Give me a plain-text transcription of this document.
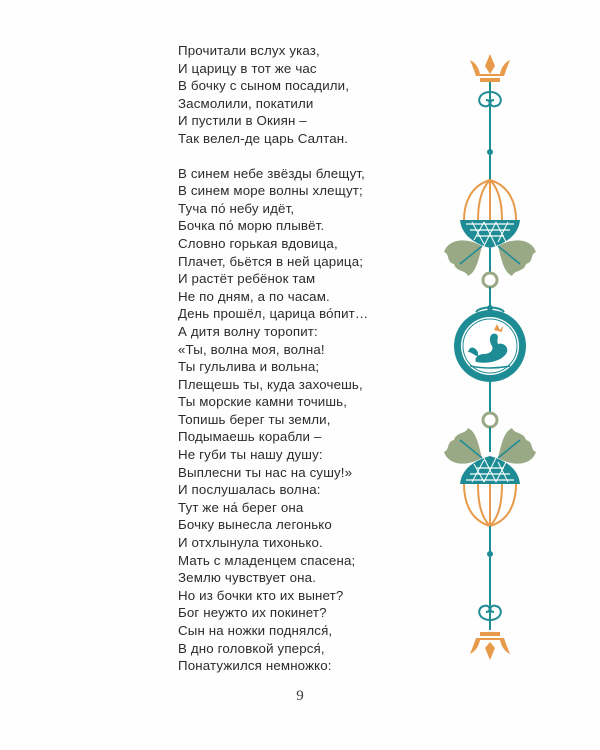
Прочитали вслух указ,
И царицу в тот же час
В бочку с сыном посадили,
Засмолили, покатили
И пустили в Окиян –
Так велел-де царь Салтан.
В синем небе звёзды блещут,
В синем море волны хлещут;
Туча по́ небу идёт,
Бочка по́ морю плывёт.
Словно горькая вдовица,
Плачет, бьётся в ней царица;
И растёт ребёнок там
Не по дням, а по часам.
День прошёл, царица во́пит…
А дитя волну торопит:
«Ты, волна моя, волна!
Ты гульлива и вольна;
Плещешь ты, куда захочешь,
Ты морские камни точишь,
Топишь берег ты земли,
Подымаешь корабли –
Не губи ты нашу душу:
Выплесни ты нас на сушу!»
И послушалась волна:
Тут же на́ берег она
Бочку вынесла легонько
И отхлынула тихонько.
Мать с младенцем спасена;
Землю чувствует она.
Но из бочки кто их вынет?
Бог неужто их покинет?
Сын на ножки поднялся́,
В дно головкой уперся́,
Понатужился немножко:
9
